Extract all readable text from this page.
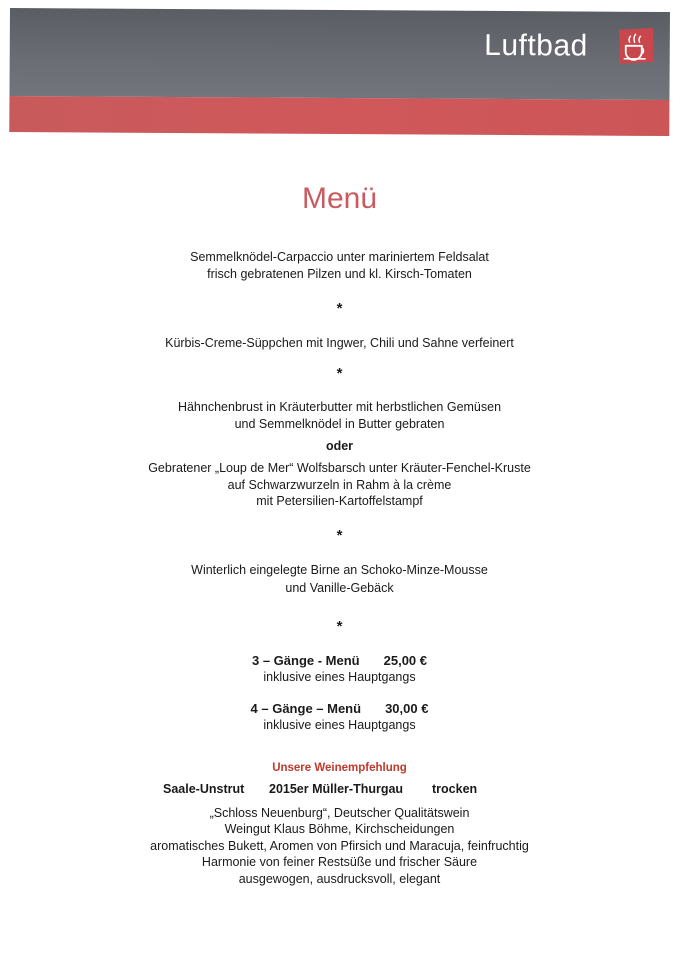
Luftbad
Menü
Semmelknödel-Carpaccio unter mariniertem Feldsalat
frisch gebratenen Pilzen und kl. Kirsch-Tomaten
*
Kürbis-Creme-Süppchen mit Ingwer, Chili und Sahne verfeinert
*
Hähnchenbrust in Kräuterbutter mit herbstlichen Gemüsen
und Semmelknödel in Butter gebraten
oder
Gebratener „Loup de Mer“ Wolfsbarsch unter Kräuter-Fenchel-Kruste
auf Schwarzwurzeln in Rahm à la crème
mit Petersilien-Kartoffelstampf
*
Winterlich eingelegte Birne an Schoko-Minze-Mousse
und Vanille-Gebäck
*
3 – Gänge - Menü 25,00 €
inklusive eines Hauptgangs
4 – Gänge – Menü 30,00 €
inklusive eines Hauptgangs
Unsere Weinempfehlung
Saale-Unstrut 2015er Müller-Thurgau trocken
„Schloss Neuenburg“, Deutscher Qualitätswein
Weingut Klaus Böhme, Kirchscheidungen
aromatisches Bukett, Aromen von Pfirsich und Maracuja, feinfruchtig
Harmonie von feiner Restsüße und frischer Säure
ausgewogen, ausdrucksvoll, elegant
